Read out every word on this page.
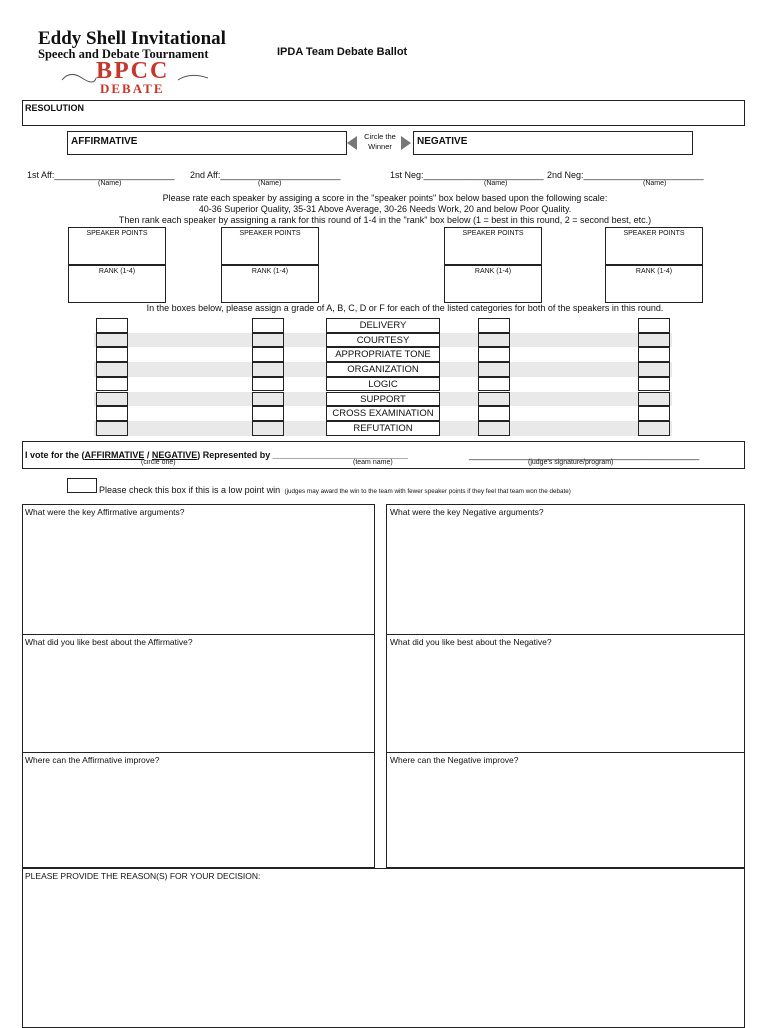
Eddy Shell Invitational
Speech and Debate Tournament
BPCC
DEBATE
IPDA Team Debate Ballot
RESOLUTION
AFFIRMATIVE	Circle the
Winner	NEGATIVE
1st Aff:________________________ 2nd Aff:________________________	1st Neg:________________________ 2nd Neg:________________________
(Name)	(Name)	(Name)	(Name)
Please rate each speaker by assiging a score in the "speaker points" box below based upon the following scale:
40-36 Superior Quality, 35-31 Above Average, 30-26 Needs Work, 20 and below Poor Quality.
Then rank each speaker by assigning a rank for this round of 1-4 in the "rank" box below (1 = best in this round, 2 = second best, etc.)
SPEAKER POINTS	SPEAKER POINTS	SPEAKER POINTS	SPEAKER POINTS
RANK (1-4)	RANK (1-4)	RANK (1-4)	RANK (1-4)
In the boxes below, please assign a grade of A, B, C, D or F for each of the listed categories for both of the speakers in this round.
DELIVERY
COURTESY
APPROPRIATE TONE
ORGANIZATION
LOGIC
SUPPORT
CROSS EXAMINATION
REFUTATION
I vote for the (AFFIRMATIVE / NEGATIVE) Represented by ___________________________	______________________________________________
(circle one)	(team name)	(judge's signature/program)
Please check this box if this is a low point win (judges may award the win to the team with fewer speaker points if they feel that team won the debate)
What were the key Affirmative arguments?	What were the key Negative arguments?
What did you like best about the Affirmative?	What did you like best about the Negative?
Where can the Affirmative improve?	Where can the Negative improve?
PLEASE PROVIDE THE REASON(S) FOR YOUR DECISION:
